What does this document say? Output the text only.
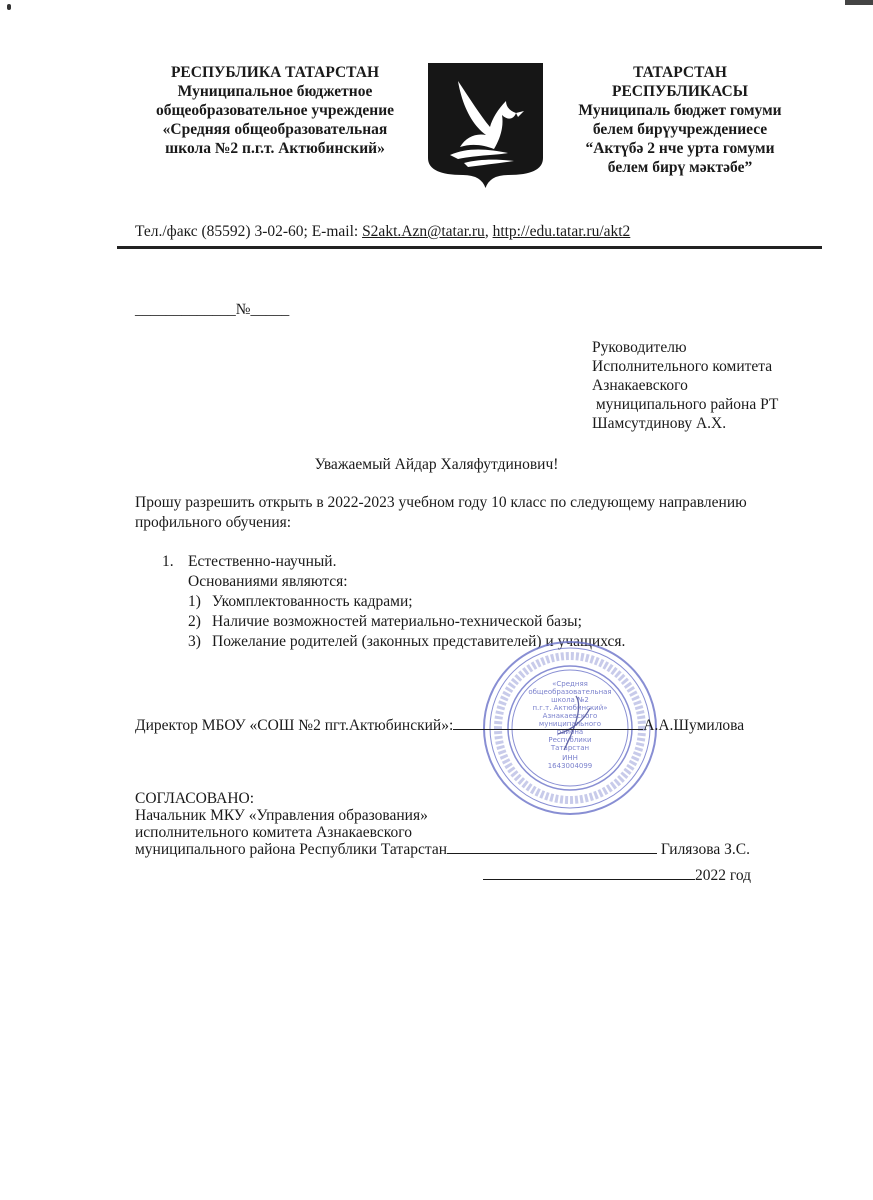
РЕСПУБЛИКА ТАТАРСТАН
Муниципальное бюджетное
общеобразовательное учреждение
«Средняя общеобразовательная
школа №2 п.г.т. Актюбинский»
ТАТАРСТАН
РЕСПУБЛИКАСЫ
Муниципаль бюджет гомуми
белем бирүучреждениесе
“Актүбә 2 нче урта гомуми
белем бирү мәктәбе”
Тел./факс (85592) 3-02-60; E-mail: S2akt.Azn@tatar.ru, http://edu.tatar.ru/akt2
_____________№_____
Руководителю
Исполнительного комитета
Азнакаевского
муниципального района РТ
Шамсутдинову А.Х.
Уважаемый Айдар Халяфутдинович!
Прошу разрешить открыть в 2022-2023 учебном году 10 класс по следующему направлению профильного обучения:
1. Естественно-научный.
Основаниями являются:
1) Укомплектованность кадрами;
2) Наличие возможностей материально-технической базы;
3) Пожелание родителей (законных представителей) и учащихся.
«Средняя
общеобразовательная
школа №2
п.г.т. Актюбинский»
Азнакаевского
муниципального
района
Республики
Татарстан
ИНН
1643004099
Директор МБОУ «СОШ №2 пгт.Актюбинский»:	А.А.Шумилова
СОГЛАСОВАНО:
Начальник МКУ «Управления образования»
исполнительного комитета Азнакаевского
муниципального района Республики Татарстан	Гилязова З.С.
2022 год
